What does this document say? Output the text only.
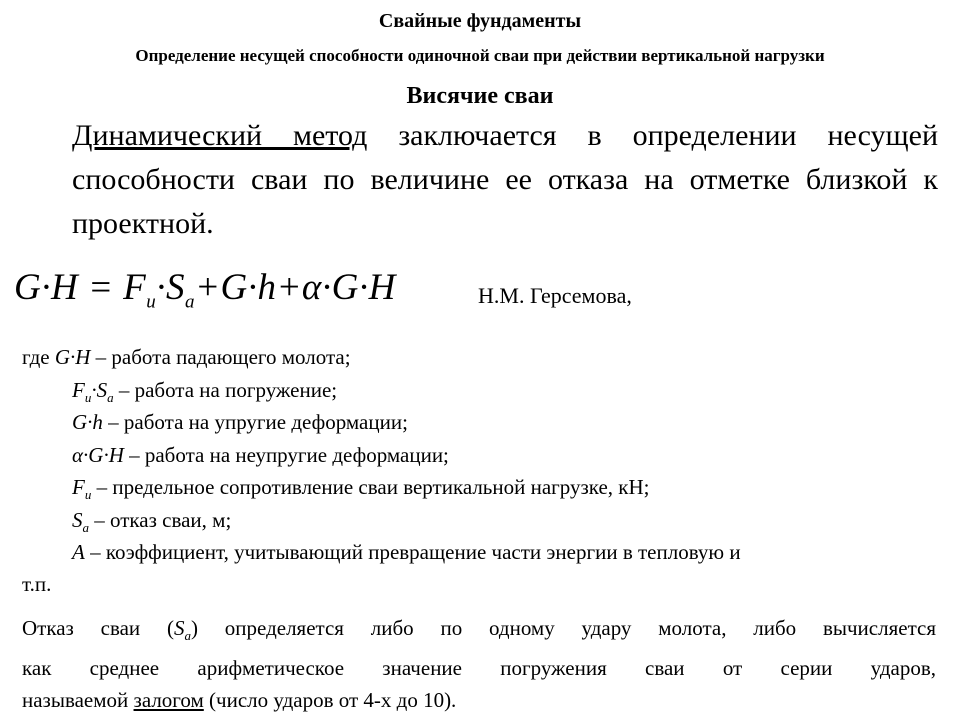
Свайные фундаменты
Определение несущей способности одиночной сваи при действии вертикальной нагрузки
Висячие сваи
Динамический метод заключается в определении несущей способности сваи по величине ее отказа на отметке близкой к проектной.
$G\cdot H = F_u\cdot S_a+G\cdot h+\alpha\cdot G\cdot H$	Н.М. Герсемова,
где G·H – работа падающего молота;
$F_u\cdot S_a$ – работа на погружение;
G·h – работа на упругие деформации;
α·G·H – работа на неупругие деформации;
$F_u$ – предельное сопротивление сваи вертикальной нагрузке, кН;
$S_a$ – отказ сваи, м;
A – коэффициент, учитывающий превращение части энергии в тепловую и
т.п.
Отказ сваи $(S_a)$ определяется либо по одному удару молота, либо вычисляется
как среднее арифметическое значение погружения сваи от серии ударов,
называемой залогом (число ударов от 4-х до 10).
